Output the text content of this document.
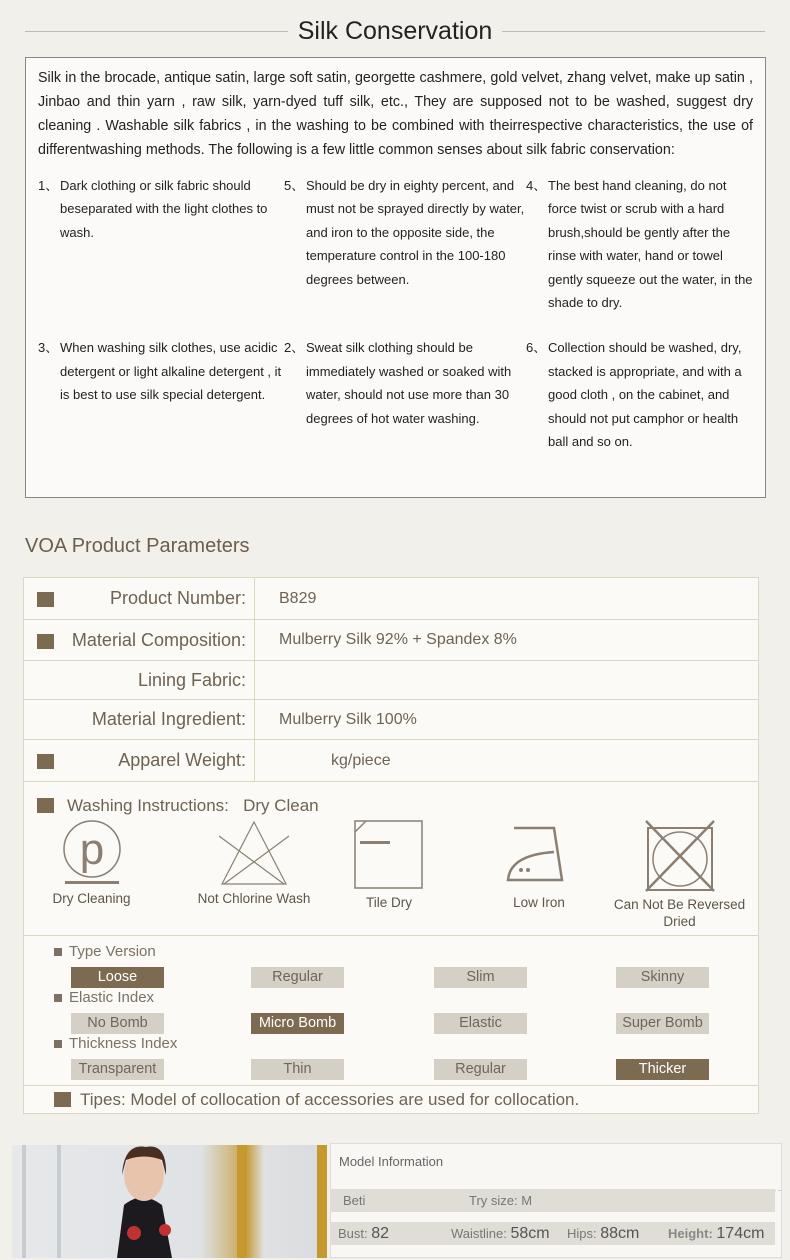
Silk Conservation

Silk in the brocade, antique satin, large soft satin, georgette cashmere, gold velvet, zhang velvet, make up satin , Jinbao and thin yarn , raw silk, yarn-dyed tuff silk, etc., They are supposed not to be washed, suggest dry cleaning . Washable silk fabrics , in the washing to be combined with theirrespective characteristics, the use of differentwashing methods. The following is a few little common senses about silk fabric conservation:

1、 Dark clothing or silk fabric should beseparated with the light clothes to wash.
3、 When washing silk clothes, use acidic detergent or light alkaline detergent , it is best to use silk special detergent.
5、 Should be dry in eighty percent, and must not be sprayed directly by water, and iron to the opposite side, the temperature control in the 100-180 degrees between.
2、 Sweat silk clothing should be immediately washed or soaked with water, should not use more than 30 degrees of hot water washing.
4、 The best hand cleaning, do not force twist or scrub with a hard brush,should be gently after the rinse with water, hand or towel gently squeeze out the water, in the shade to dry.
6、 Collection should be washed, dry, stacked is appropriate, and with a good cloth , on the cabinet, and should not put camphor or health ball and so on.
VOA Product Parameters
Product Number:	B829
Material Composition:	Mulberry Silk 92% + Spandex 8%
Lining Fabric:
Material Ingredient:	Mulberry Silk 100%
Apparel Weight:	kg/piece
Washing Instructions: Dry Clean
p
Dry Cleaning	Not Chlorine Wash	Tile Dry	Low Iron	Can Not Be Reversed Dried
Type Version
Loose	Regular	Slim	Skinny
Elastic Index
No Bomb	Micro Bomb	Elastic	Super Bomb
Thickness Index
Transparent	Thin	Regular	Thicker
Tipes: Model of collocation of accessories are used for collocation.
Model Information
Beti	Try size: M
Bust: 82	Waistline: 58cm Hips: 88cm Height: 174cm
